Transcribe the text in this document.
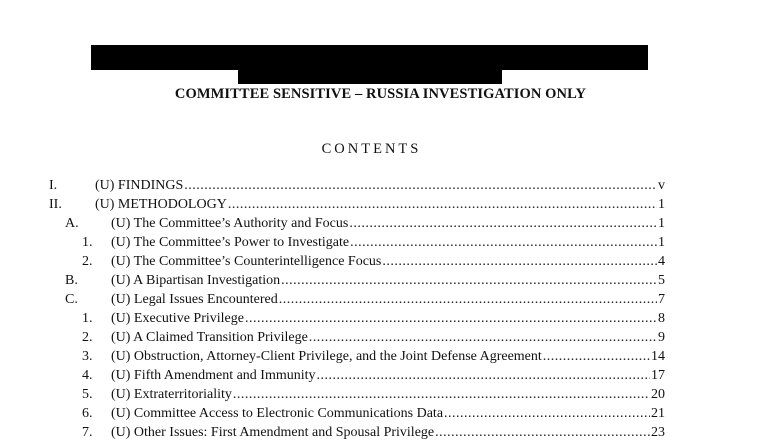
COMMITTEE SENSITIVE – RUSSIA INVESTIGATION ONLY
CONTENTS
I.	(U) FINDINGS .....	v
II. (U) METHODOLOGY .....	1
A. (U) The Committee’s Authority and Focus .....	1
1. (U) The Committee’s Power to Investigate .....	1
2. (U) The Committee’s Counterintelligence Focus .....	4
B. (U) A Bipartisan Investigation .....	5
C. (U) Legal Issues Encountered .....	7
1. (U) Executive Privilege .....	8
2. (U) A Claimed Transition Privilege .....	9
3. (U) Obstruction, Attorney-Client Privilege, and the Joint Defense Agreement .....	14
4. (U) Fifth Amendment and Immunity .....	17
5. (U) Extraterritoriality .....	20
6. (U) Committee Access to Electronic Communications Data .....	21
7. (U) Other Issues: First Amendment and Spousal Privilege .....	23
